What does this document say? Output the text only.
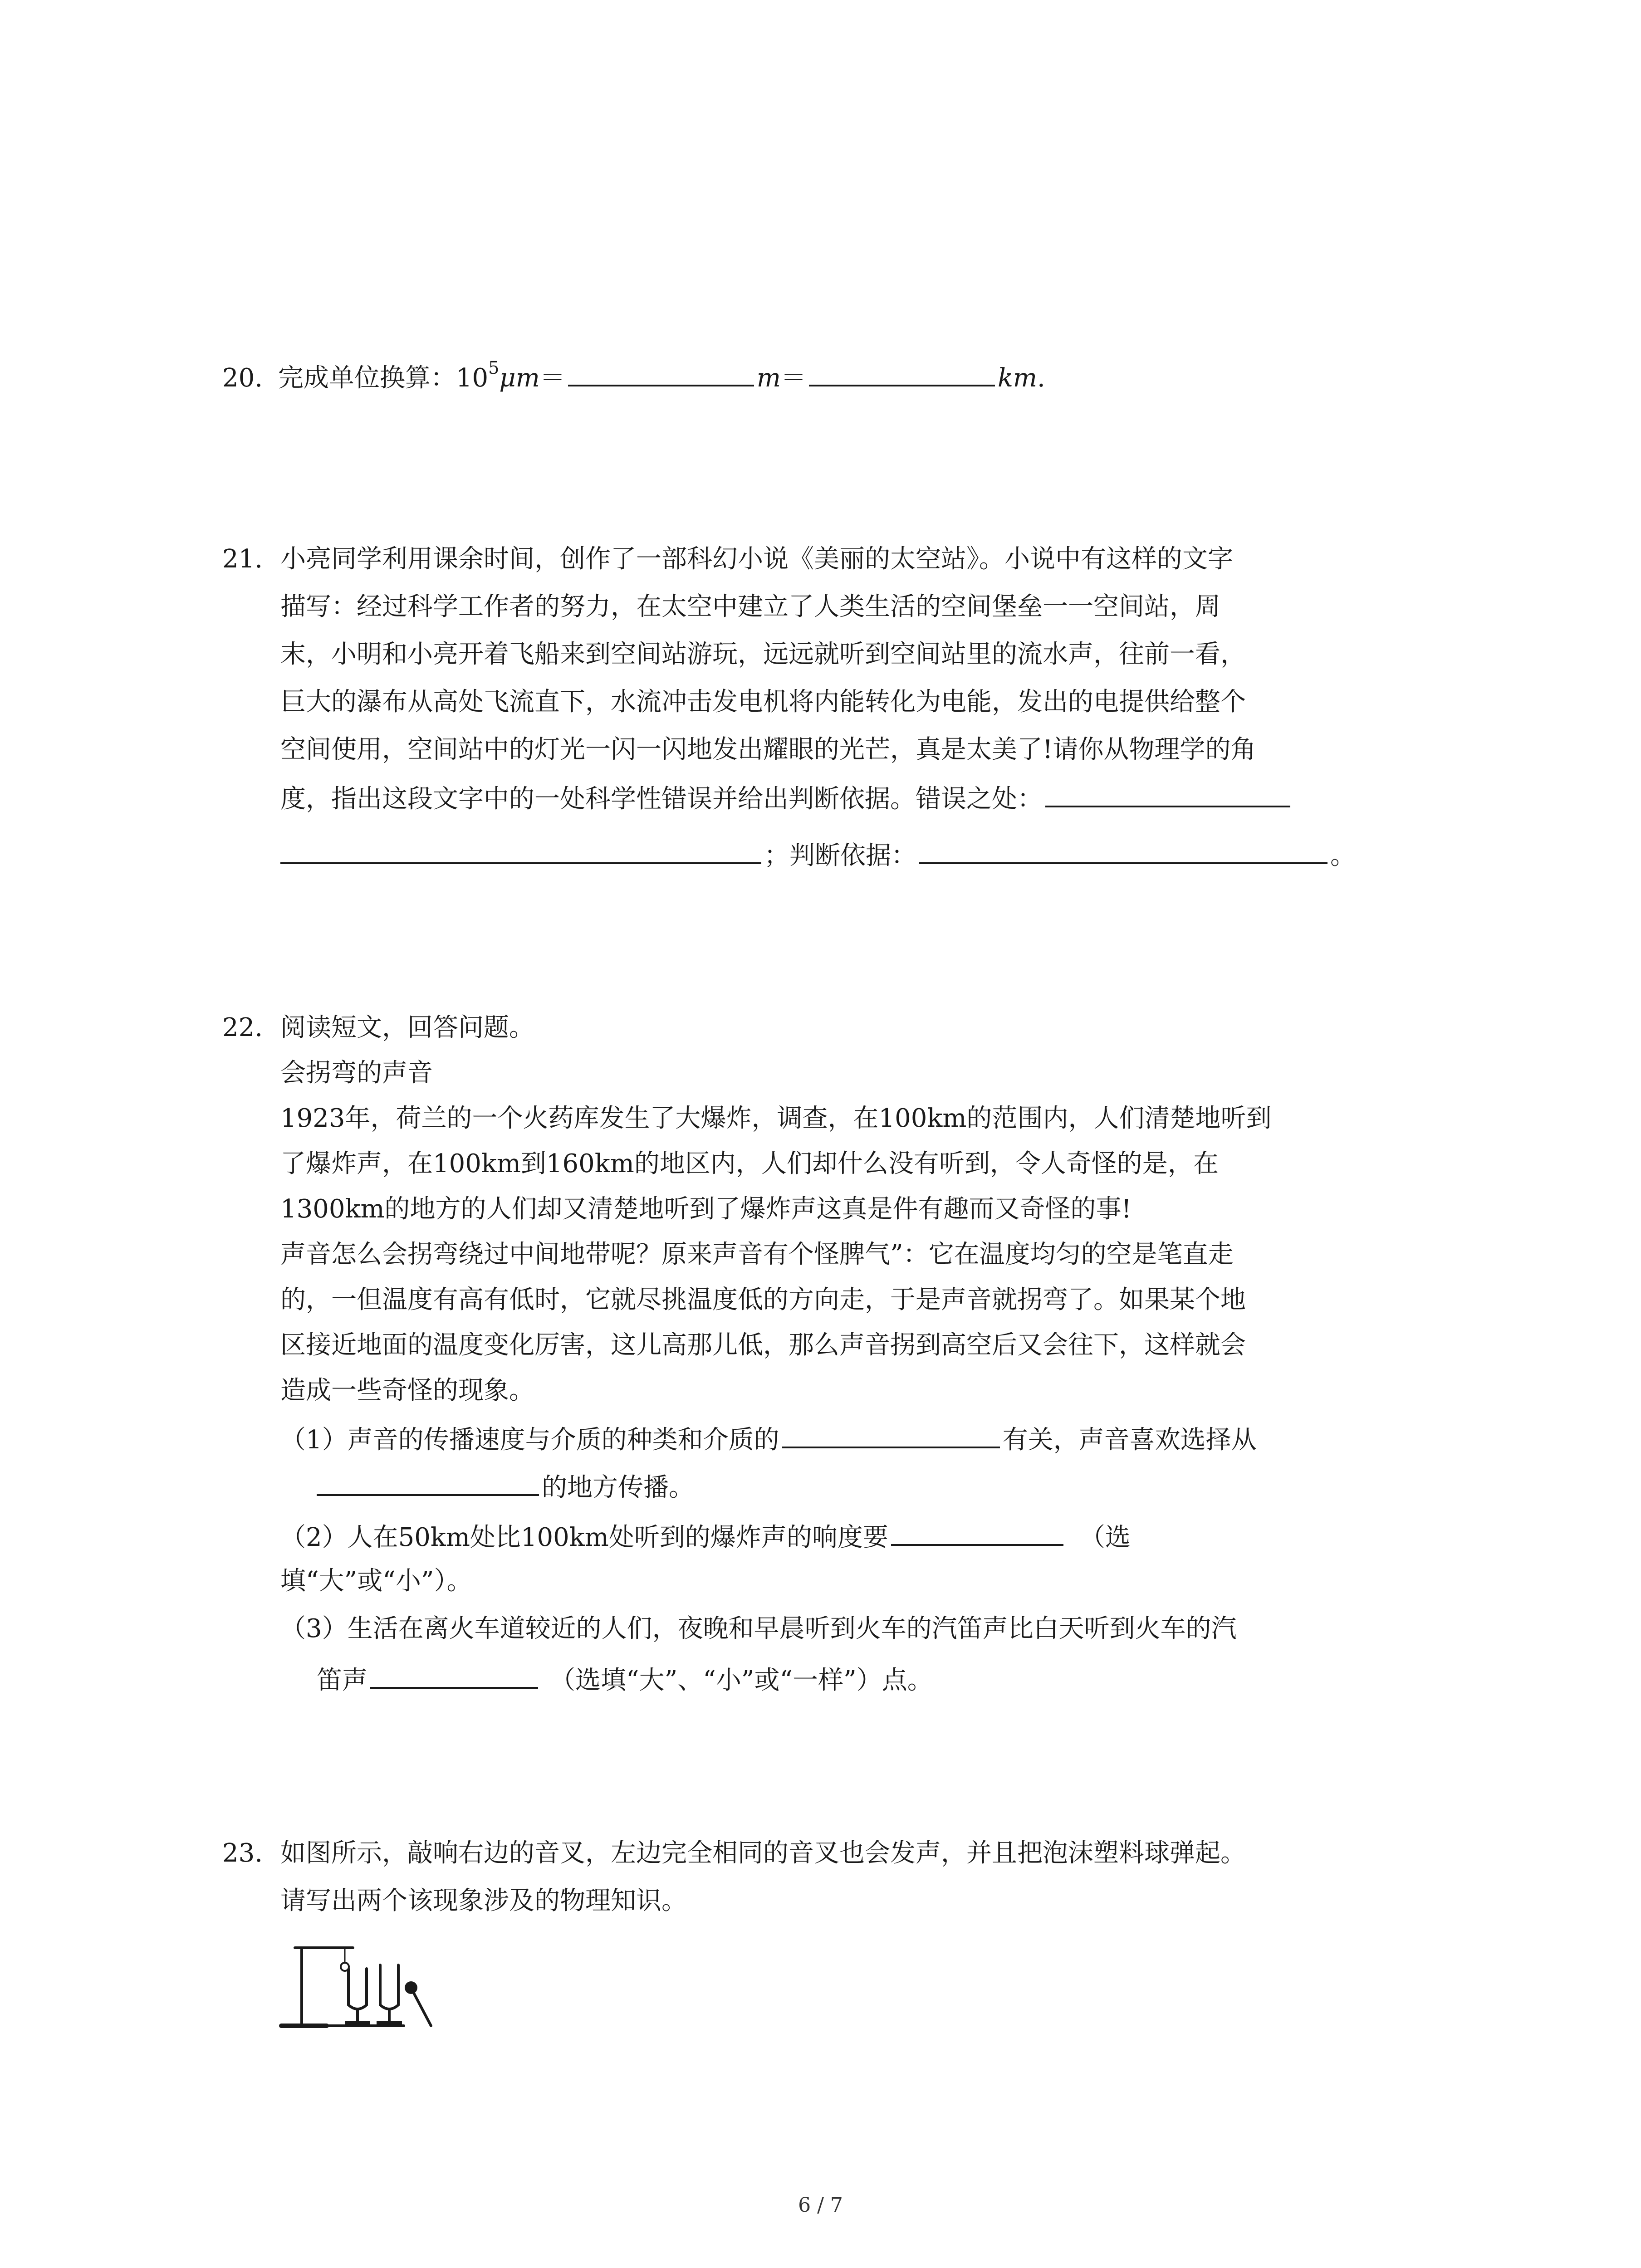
20. 完成单位换算：$10^5\mu m=$	m＝	km.
21. 小亮同学利用课余时间，创作了一部科幻小说《美丽的太空站》。小说中有这样的文字
描写：经过科学工作者的努力，在太空中建立了人类生活的空间堡垒一一空间站，周
末，小明和小亮开着飞船来到空间站游玩，远远就听到空间站里的流水声，往前一看，
巨大的瀑布从高处飞流直下，水流冲击发电机将内能转化为电能，发出的电提供给整个
空间使用，空间站中的灯光一闪一闪地发出耀眼的光芒，真是太美了!请你从物理学的角
度，指出这段文字中的一处科学性错误并给出判断依据。错误之处：
；判断依据：	。
22. 阅读短文，回答问题。
会拐弯的声音
1923年，荷兰的一个火药库发生了大爆炸，调查，在100km的范围内，人们清楚地听到
了爆炸声，在100km到160km的地区内，人们却什么没有听到，令人奇怪的是，在
1300km的地方的人们却又清楚地听到了爆炸声这真是件有趣而又奇怪的事!
声音怎么会拐弯绕过中间地带呢？原来声音有个怪脾气”：它在温度均匀的空是笔直走
的，一但温度有高有低时，它就尽挑温度低的方向走，于是声音就拐弯了。如果某个地
区接近地面的温度变化厉害，这儿高那儿低，那么声音拐到高空后又会往下，这样就会
造成一些奇怪的现象。
（1）声音的传播速度与介质的种类和介质的	有关，声音喜欢选择从
的地方传播。
（2）人在50km处比100km处听到的爆炸声的响度要	（选
填“大”或“小”）。
（3）生活在离火车道较近的人们，夜晚和早晨听到火车的汽笛声比白天听到火车的汽
笛声	（选填“大”、“小”或“一样”）点。
23. 如图所示，敲响右边的音叉，左边完全相同的音叉也会发声，并且把泡沫塑料球弹起。
请写出两个该现象涉及的物理知识。
6 / 7
